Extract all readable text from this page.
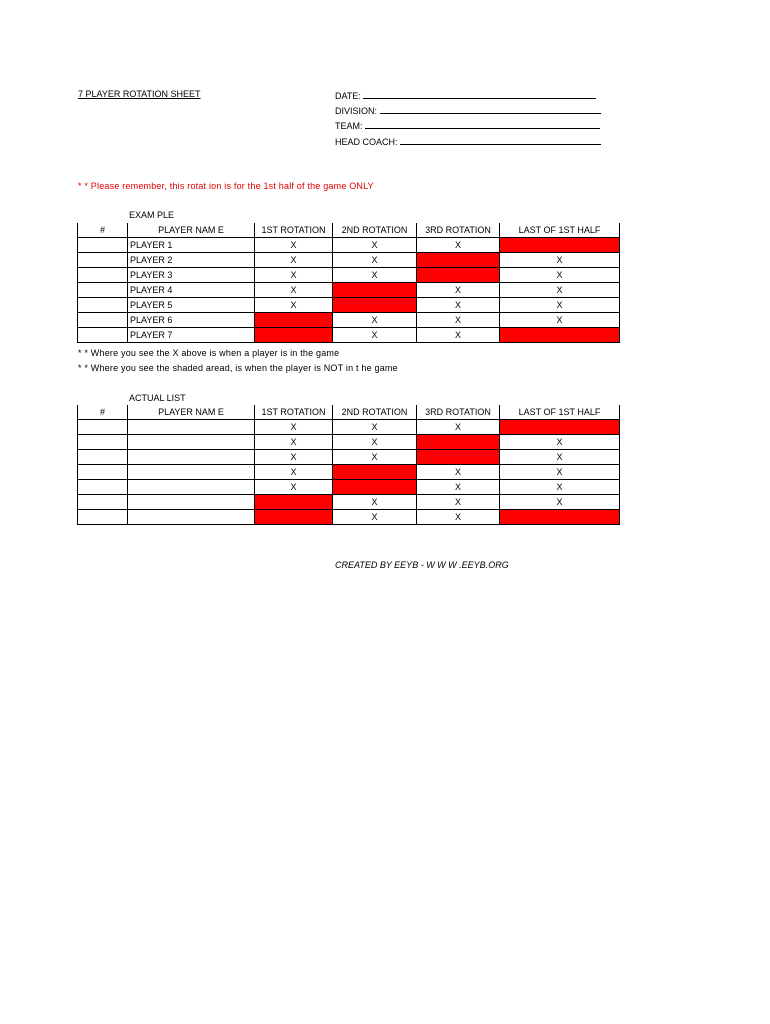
7 PLAYER ROTATION SHEET	DATE:
DIVISION:
TEAM:
HEAD COACH:
* * Please remember, this rotat ion is for the 1st half of the game ONLY
EXAM PLE
#	PLAYER NAM E	1ST ROTATION	2ND ROTATION	3RD ROTATION	LAST OF 1ST HALF
	PLAYER 1	X	X	X	
	PLAYER 2	X	X		X
	PLAYER 3	X	X		X
	PLAYER 4	X		X	X
	PLAYER 5	X		X	X
	PLAYER 6		X	X	X
	PLAYER 7		X	X	
* * Where you see the X above is when a player is in the game
* * Where you see the shaded aread, is when the player is NOT in t he game
ACTUAL LIST
#	PLAYER NAM E	1ST ROTATION	2ND ROTATION	3RD ROTATION	LAST OF 1ST HALF
		X	X	X	
		X	X		X
		X	X		X
		X		X	X
		X		X	X
			X	X	X
			X	X	
CREATED BY EEYB - W W W .EEYB.ORG
